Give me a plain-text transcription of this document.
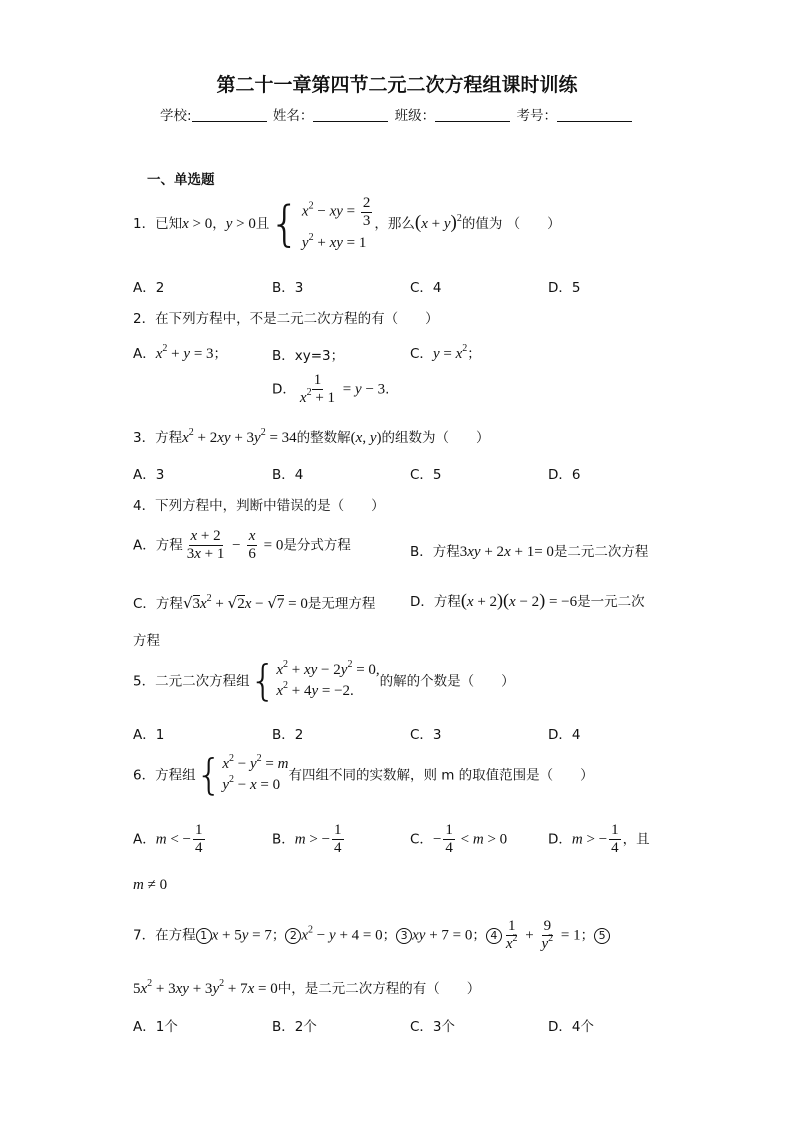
第二十一章第四节二元二次方程组课时训练
学校:	姓名：	班级：	考号：
一、单选题
1．已知x > 0，y > 0且 { $x^2$ − xy = $\frac{2}{3}$
$y^2$ + xy = 1
，那么$(x + y)^2$的值为 （　　）
A．2	B．3	C．4	D．5
2．在下列方程中，不是二元二次方程的有（　　）
A．$x^2 + y = 3$；	B．xy=3；	C．$y = x^2$；
D． $\frac{1}{x^2 + 1} = y - 3$.
3．方程$x^2 + 2xy + 3y^2 = 34$的整数解(x, y)的组数为（　　）
A．3	B．4	C．5	D．6
4．下列方程中，判断中错误的是（　　）
A．方程 $\frac{x + 2}{3x + 1} - \frac{x}{6} = 0$是分式方程	B．方程3xy + 2x + 1= 0是二元二次方程
C．方程$√3x^2 + √2x - √7 = 0$是无理方程	D．方程(x + 2)(x − 2) = −6是一元二次
方程
5．二元二次方程组 { $x^2$ + xy − $2y^2 = 0$,
$x^2 + 4y = -2$.
的解的个数是（　　）
A．1	B．2	C．3	D．4
6．方程组 { $x^2 - y^2 = m$
$y^2 - x = 0$
有四组不同的实数解，则 m 的取值范围是（　　）
A．m < − $\frac{1}{4}$	B．m > − $\frac{1}{4}$	C．− $\frac{1}{4} < m > 0$	D．m > − $\frac{1}{4}$ ，且
m ≠ 0
7．在方程 1 x + 5y = 7； 2 $x^2 - y + 4 = 0$； 3 xy + 7 = 0； $4 \frac{1}{x^2} + \frac{9}{y^2} = 1$； 5
$5x^2 + 3xy + 3y^2 + 7x = 0$中，是二元二次方程的有（　　）
A．1个	B．2个	C．3个	D．4个
